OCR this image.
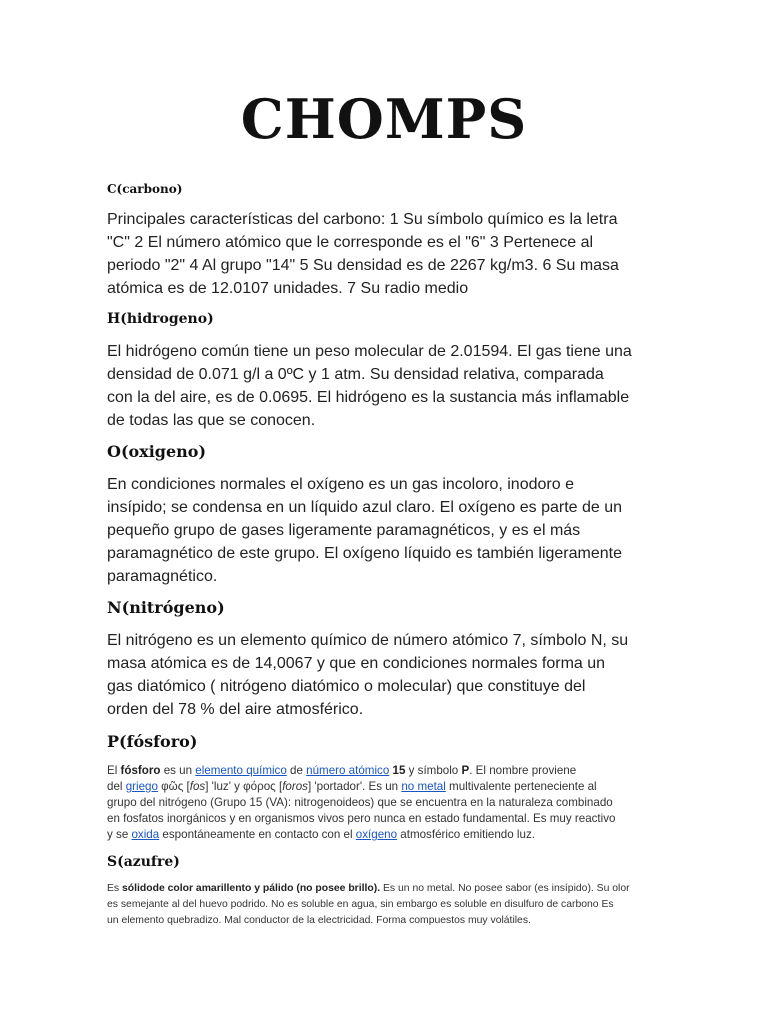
CHOMPS
C(carbono)
Principales características del carbono: 1 Su símbolo químico es la letra
"C" 2 El número atómico que le corresponde es el "6" 3 Pertenece al
periodo "2" 4 Al grupo "14" 5 Su densidad es de 2267 kg/m3. 6 Su masa
atómica es de 12.0107 unidades. 7 Su radio medio
H(hidrogeno)
El hidrógeno común tiene un peso molecular de 2.01594. El gas tiene una
densidad de 0.071 g/l a 0ºC y 1 atm. Su densidad relativa, comparada
con la del aire, es de 0.0695. El hidrógeno es la sustancia más inflamable
de todas las que se conocen.
O(oxigeno)
En condiciones normales el oxígeno es un gas incoloro, inodoro e
insípido; se condensa en un líquido azul claro. El oxígeno es parte de un
pequeño grupo de gases ligeramente paramagnéticos, y es el más
paramagnético de este grupo. El oxígeno líquido es también ligeramente
paramagnético.
N(nitrógeno)
El nitrógeno es un elemento químico de número atómico 7, símbolo N, su
masa atómica es de 14,0067 y que en condiciones normales forma un
gas diatómico ( nitrógeno diatómico o molecular) que constituye del
orden del 78 % del aire atmosférico.
P(fósforo)
El fósforo es un elemento químico de número atómico 15 y símbolo P. El nombre proviene
del griego φῶς [fos] 'luz' y φόρος [foros] 'portador'. Es un no metal multivalente perteneciente al
grupo del nitrógeno (Grupo 15 (VA): nitrogenoideos) que se encuentra en la naturaleza combinado
en fosfatos inorgánicos y en organismos vivos pero nunca en estado fundamental. Es muy reactivo
y se oxida espontáneamente en contacto con el oxígeno atmosférico emitiendo luz.
S(azufre)
Es sólidode color amarillento y pálido (no posee brillo). Es un no metal. No posee sabor (es insípido). Su olor
es semejante al del huevo podrido. No es soluble en agua, sin embargo es soluble en disulfuro de carbono Es
un elemento quebradizo. Mal conductor de la electricidad. Forma compuestos muy volátiles.
